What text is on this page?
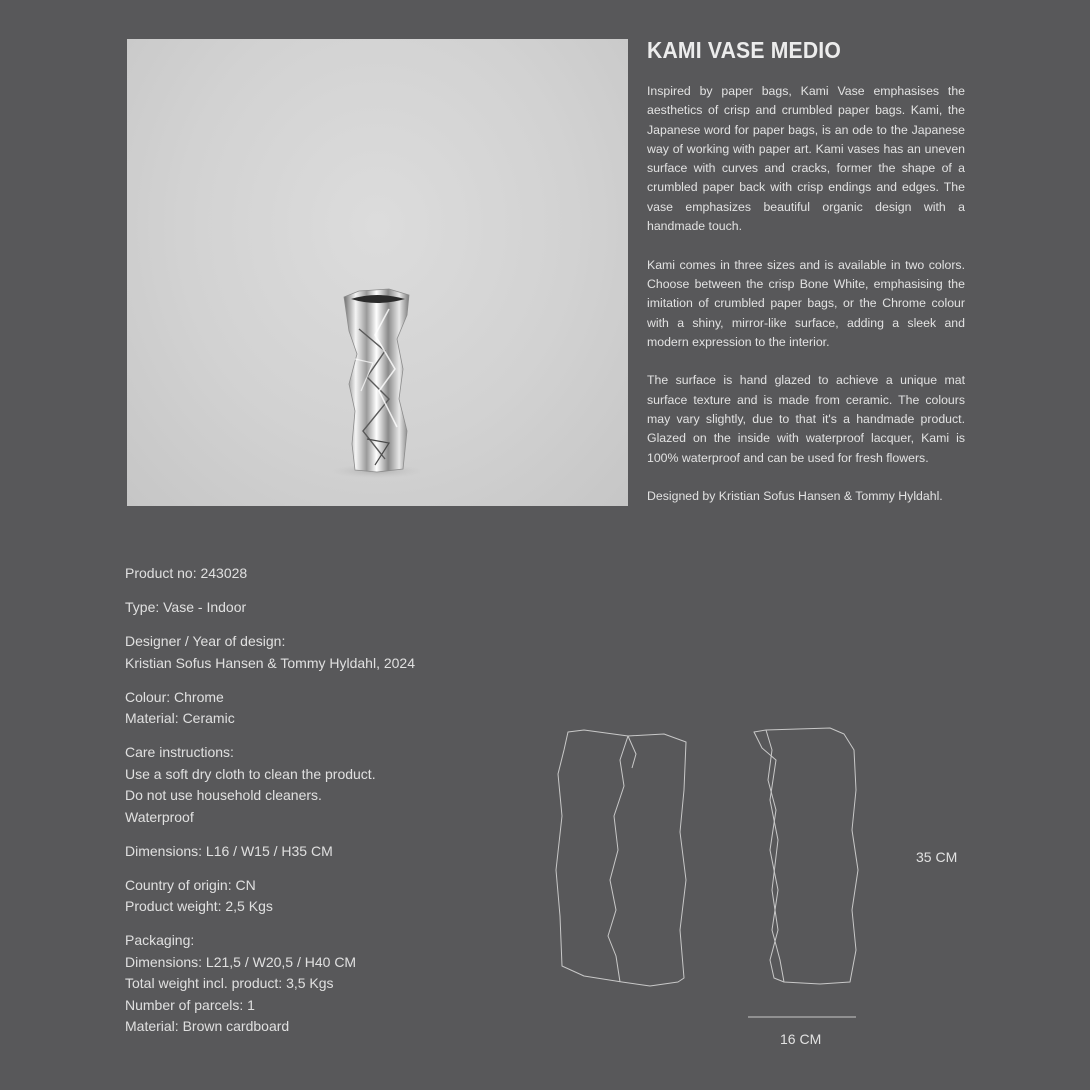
KAMI VASE MEDIO

Inspired by paper bags, Kami Vase emphasises the aesthetics of crisp and crumbled paper bags. Kami, the Japanese word for paper bags, is an ode to the Japanese way of working with paper art. Kami vases has an uneven surface with curves and cracks, former the shape of a crumbled paper back with crisp endings and edges. The vase emphasizes beautiful organic design with a handmade touch.

Kami comes in three sizes and is available in two colors. Choose between the crisp Bone White, emphasising the imitation of crumbled paper bags, or the Chrome colour with a shiny, mirror-like surface, adding a sleek and modern expression to the interior.

The surface is hand glazed to achieve a unique mat surface texture and is made from ceramic. The colours may vary slightly, due to that it's a handmade product. Glazed on the inside with waterproof lacquer, Kami is 100% waterproof and can be used for fresh flowers.

Designed by Kristian Sofus Hansen & Tommy Hyldahl.

Product no: 243028
Type: Vase - Indoor
Designer / Year of design:
Kristian Sofus Hansen & Tommy Hyldahl, 2024
Colour: Chrome
Material: Ceramic
Care instructions:
Use a soft dry cloth to clean the product.
Do not use household cleaners.
Waterproof
Dimensions: L16 / W15 / H35 CM
Country of origin: CN
Product weight: 2,5 Kgs
Packaging:
Dimensions: L21,5 / W20,5 / H40 CM
Total weight incl. product: 3,5 Kgs
Number of parcels: 1
Material: Brown cardboard
35 CM
16 CM
